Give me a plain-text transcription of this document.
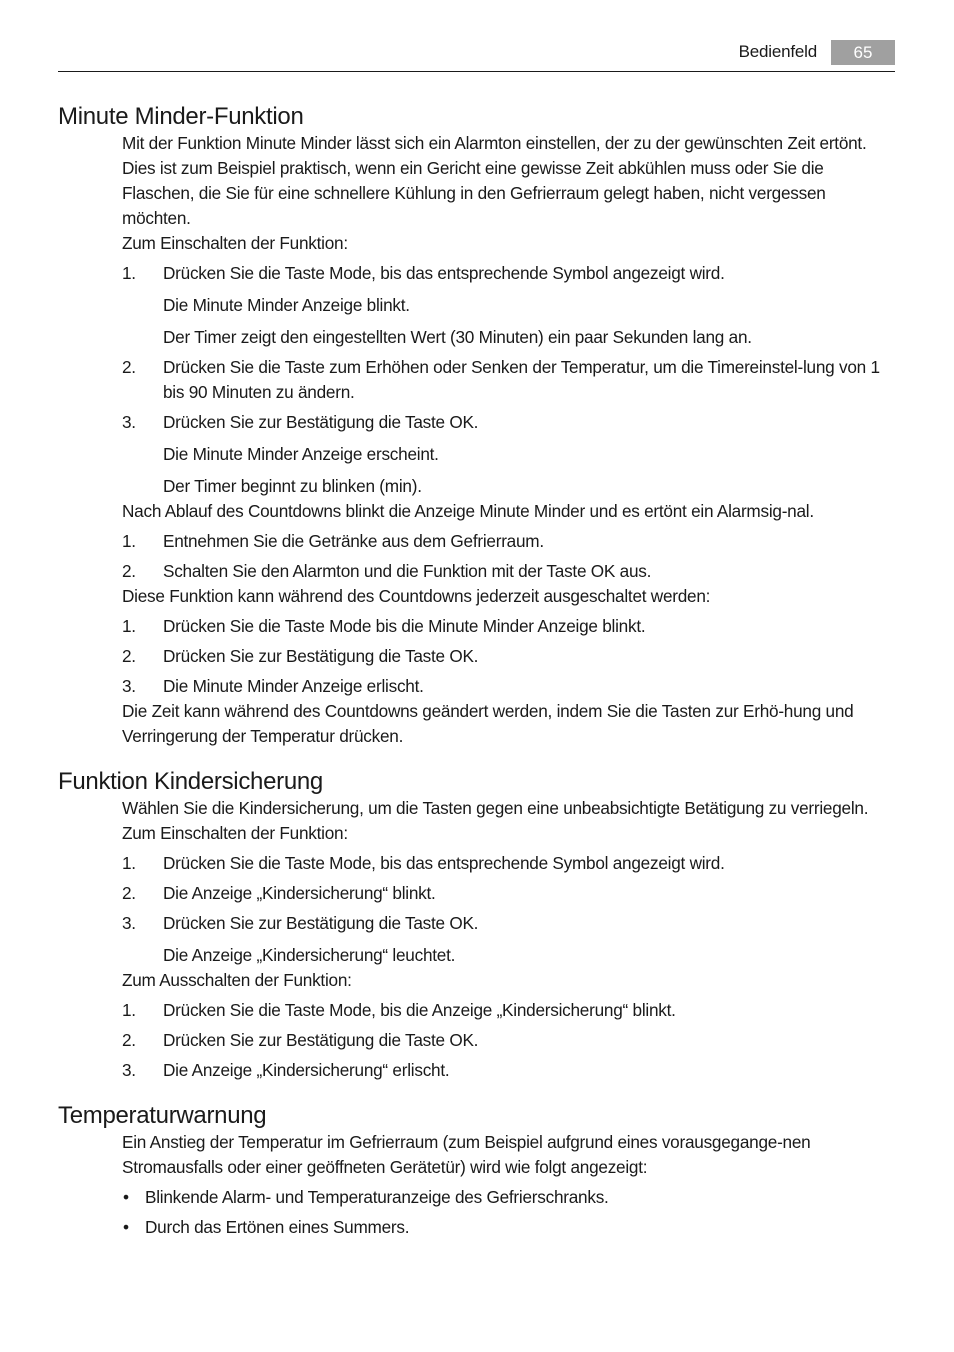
Bedienfeld	65
Minute Minder-Funktion

Mit der Funktion Minute Minder lässt sich ein Alarmton einstellen, der zu der gewünschten Zeit ertönt. Dies ist zum Beispiel praktisch, wenn ein Gericht eine gewisse Zeit abkühlen muss oder Sie die Flaschen, die Sie für eine schnellere Kühlung in den Gefrierraum gelegt haben, nicht vergessen möchten.

Zum Einschalten der Funktion:

1. Drücken Sie die Taste Mode, bis das entsprechende Symbol angezeigt wird.
Die Minute Minder Anzeige blinkt.
Der Timer zeigt den eingestellten Wert (30 Minuten) ein paar Sekunden lang an.
2. Drücken Sie die Taste zum Erhöhen oder Senken der Temperatur, um die Timereinstel-lung von 1 bis 90 Minuten zu ändern.
3. Drücken Sie zur Bestätigung die Taste OK.
Die Minute Minder Anzeige erscheint.
Der Timer beginnt zu blinken (min).

Nach Ablauf des Countdowns blinkt die Anzeige Minute Minder und es ertönt ein Alarmsig-nal.

1. Entnehmen Sie die Getränke aus dem Gefrierraum.
2. Schalten Sie den Alarmton und die Funktion mit der Taste OK aus.

Diese Funktion kann während des Countdowns jederzeit ausgeschaltet werden:

1. Drücken Sie die Taste Mode bis die Minute Minder Anzeige blinkt.
2. Drücken Sie zur Bestätigung die Taste OK.
3. Die Minute Minder Anzeige erlischt.

Die Zeit kann während des Countdowns geändert werden, indem Sie die Tasten zur Erhö-hung und Verringerung der Temperatur drücken.

Funktion Kindersicherung

Wählen Sie die Kindersicherung, um die Tasten gegen eine unbeabsichtigte Betätigung zu verriegeln.

Zum Einschalten der Funktion:

1. Drücken Sie die Taste Mode, bis das entsprechende Symbol angezeigt wird.
2. Die Anzeige „Kindersicherung“ blinkt.
3. Drücken Sie zur Bestätigung die Taste OK.
Die Anzeige „Kindersicherung“ leuchtet.

Zum Ausschalten der Funktion:

1. Drücken Sie die Taste Mode, bis die Anzeige „Kindersicherung“ blinkt.
2. Drücken Sie zur Bestätigung die Taste OK.
3. Die Anzeige „Kindersicherung“ erlischt.
Temperaturwarnung

Ein Anstieg der Temperatur im Gefrierraum (zum Beispiel aufgrund eines vorausgegange-nen Stromausfalls oder einer geöffneten Gerätetür) wird wie folgt angezeigt:

• Blinkende Alarm- und Temperaturanzeige des Gefrierschranks.
• Durch das Ertönen eines Summers.
